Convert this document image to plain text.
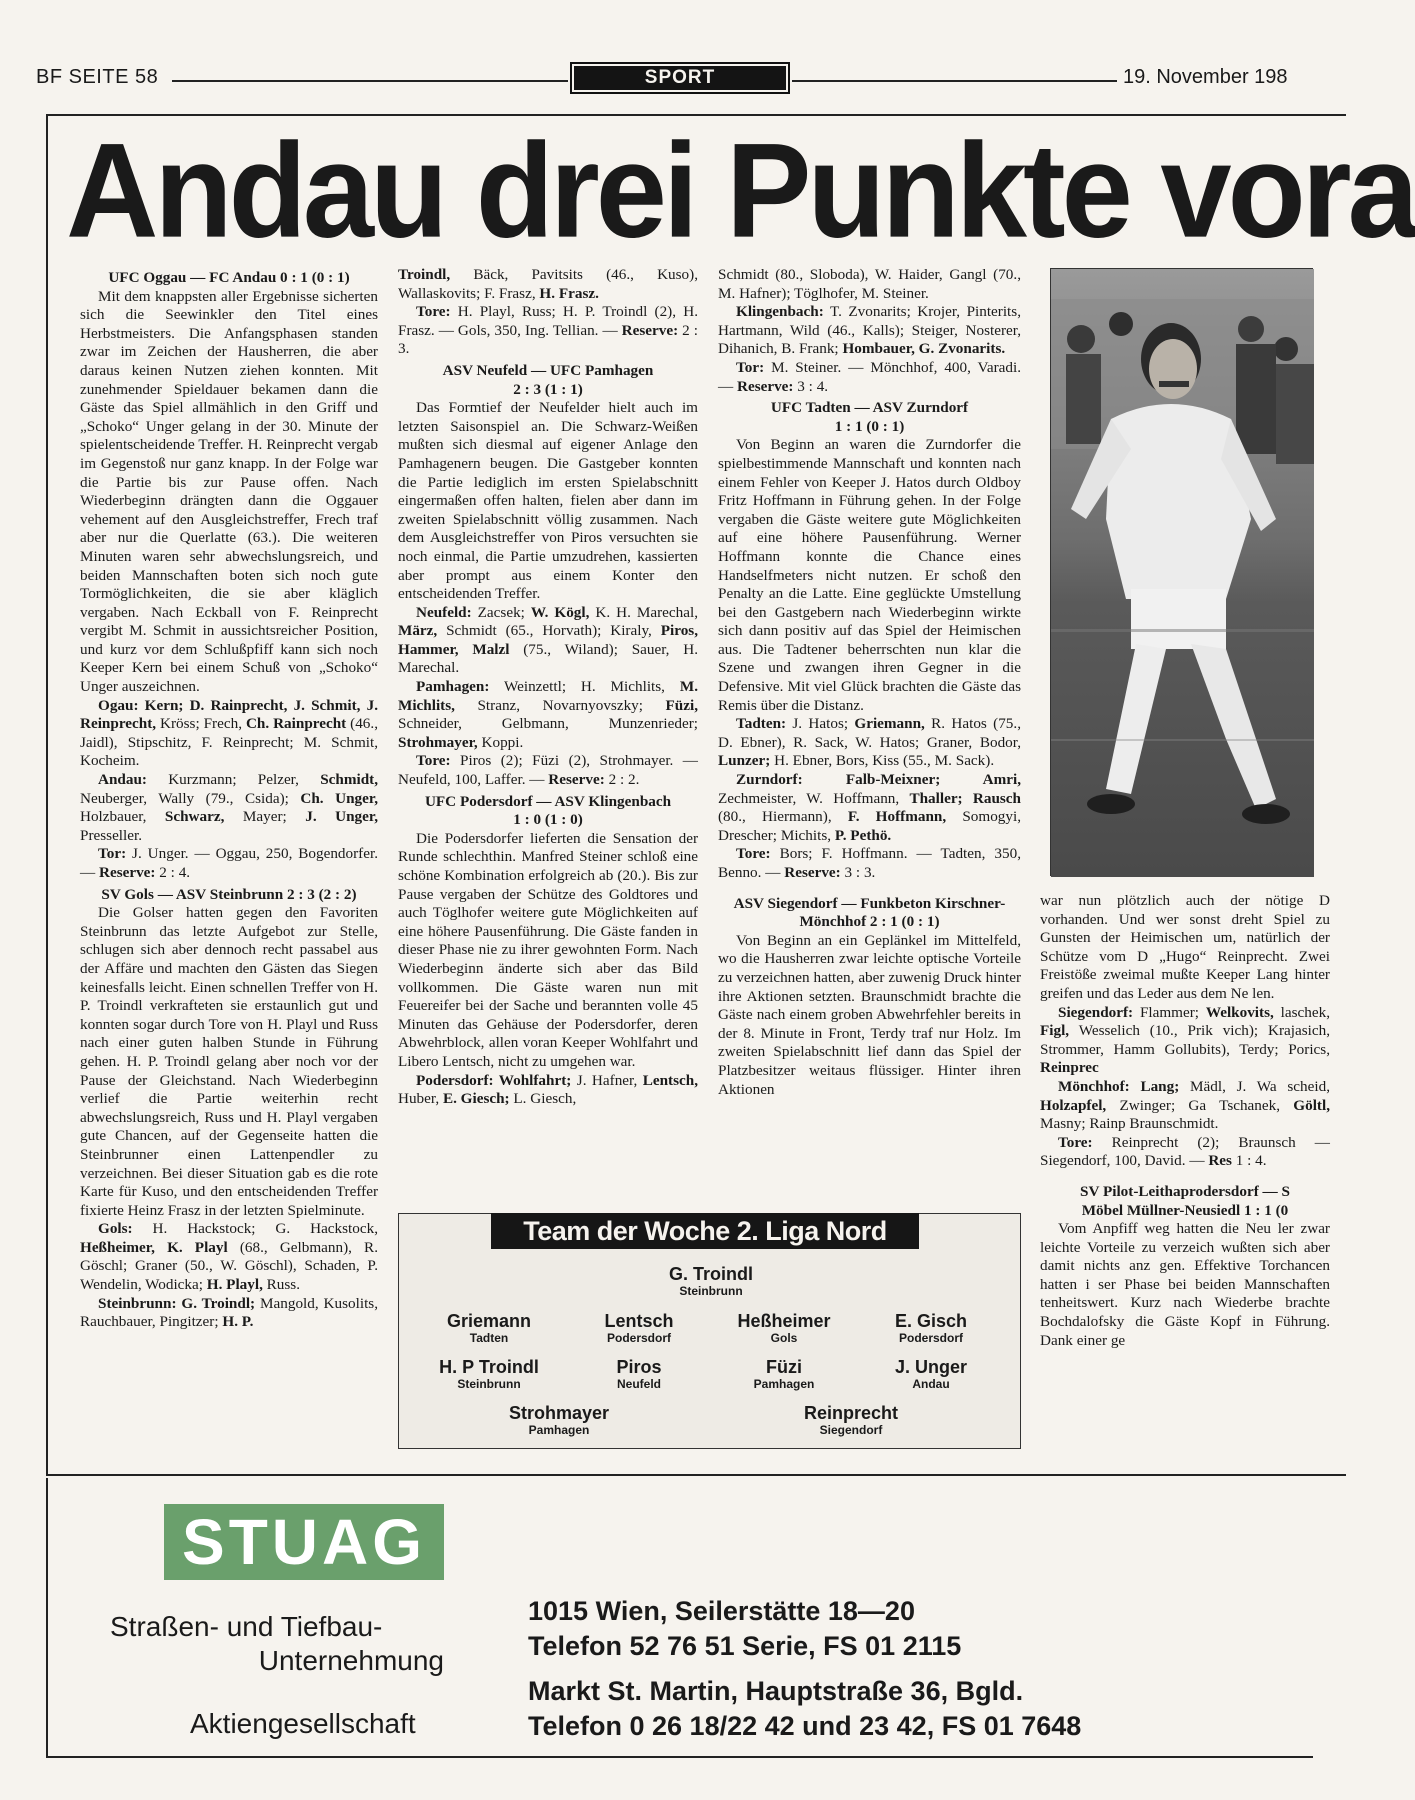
BF SEITE 58	SPORT	19. November 198
Andau drei Punkte vora

UFC Oggau — FC Andau 0 : 1 (0 : 1)

Mit dem knappsten aller Ergebnisse sicherten sich die Seewinkler den Titel eines Herbstmeisters. Die Anfangsphasen standen zwar im Zeichen der Hausherren, die aber daraus keinen Nutzen ziehen konnten. Mit zunehmender Spieldauer bekamen dann die Gäste das Spiel allmählich in den Griff und „Schoko“ Unger gelang in der 30. Minute der spielentscheidende Treffer. H. Reinprecht vergab im Gegenstoß nur ganz knapp. In der Folge war die Partie bis zur Pause offen. Nach Wiederbeginn drängten dann die Oggauer vehement auf den Ausgleichstreffer, Frech traf aber nur die Querlatte (63.). Die weiteren Minuten waren sehr abwechslungsreich, und beiden Mannschaften boten sich noch gute Tormöglichkeiten, die sie aber kläglich vergaben. Nach Eckball von F. Reinprecht vergibt M. Schmit in aussichtsreicher Position, und kurz vor dem Schlußpfiff kann sich noch Keeper Kern bei einem Schuß von „Schoko“ Unger auszeichnen.

Ogau: Kern; D. Rainprecht, J. Schmit, J. Reinprecht, Kröss; Frech, Ch. Rainprecht (46., Jaidl), Stipschitz, F. Reinprecht; M. Schmit, Kocheim.

Andau: Kurzmann; Pelzer, Schmidt, Neuberger, Wally (79., Csida); Ch. Unger, Holzbauer, Schwarz, Mayer; J. Unger, Presseller.

Tor: J. Unger. — Oggau, 250, Bogendorfer. — Reserve: 2 : 4.

SV Gols — ASV Steinbrunn 2 : 3 (2 : 2)

Die Golser hatten gegen den Favoriten Steinbrunn das letzte Aufgebot zur Stelle, schlugen sich aber dennoch recht passabel aus der Affäre und machten den Gästen das Siegen keinesfalls leicht. Einen schnellen Treffer von H. P. Troindl verkrafteten sie erstaunlich gut und konnten sogar durch Tore von H. Playl und Russ nach einer guten halben Stunde in Führung gehen. H. P. Troindl gelang aber noch vor der Pause der Gleichstand. Nach Wiederbeginn verlief die Partie weiterhin recht abwechslungsreich, Russ und H. Playl vergaben gute Chancen, auf der Gegenseite hatten die Steinbrunner einen Lattenpendler zu verzeichnen. Bei dieser Situation gab es die rote Karte für Kuso, und den entscheidenden Treffer fixierte Heinz Frasz in der letzten Spielminute.

Gols: H. Hackstock; G. Hackstock, Heßheimer, K. Playl (68., Gelbmann), R. Göschl; Graner (50., W. Göschl), Schaden, P. Wendelin, Wodicka; H. Playl, Russ.

Steinbrunn: G. Troindl; Mangold, Kusolits, Rauchbauer, Pingitzer; H. P.

Troindl, Bäck, Pavitsits (46., Kuso), Wallaskovits; F. Frasz, H. Frasz.

Tore: H. Playl, Russ; H. P. Troindl (2), H. Frasz. — Gols, 350, Ing. Tellian. — Reserve: 2 : 3.

ASV Neufeld — UFC Pamhagen
2 : 3 (1 : 1)

Das Formtief der Neufelder hielt auch im letzten Saisonspiel an. Die Schwarz-Weißen mußten sich diesmal auf eigener Anlage den Pamhagenern beugen. Die Gastgeber konnten die Partie lediglich im ersten Spielabschnitt eingermaßen offen halten, fielen aber dann im zweiten Spielabschnitt völlig zusammen. Nach dem Ausgleichstreffer von Piros versuchten sie noch einmal, die Partie umzudrehen, kassierten aber prompt aus einem Konter den entscheidenden Treffer.

Neufeld: Zacsek; W. Kögl, K. H. Marechal, März, Schmidt (65., Horvath); Kiraly, Piros, Hammer, Malzl (75., Wiland); Sauer, H. Marechal.

Pamhagen: Weinzettl; H. Michlits, M. Michlits, Stranz, Novarnyovszky; Füzi, Schneider, Gelbmann, Munzenrieder; Strohmayer, Koppi.

Tore: Piros (2); Füzi (2), Strohmayer. — Neufeld, 100, Laffer. — Reserve: 2 : 2.

UFC Podersdorf — ASV Klingenbach
1 : 0 (1 : 0)

Die Podersdorfer lieferten die Sensation der Runde schlechthin. Manfred Steiner schloß eine schöne Kombination erfolgreich ab (20.). Bis zur Pause vergaben der Schütze des Goldtores und auch Töglhofer weitere gute Möglichkeiten auf eine höhere Pausenführung. Die Gäste fanden in dieser Phase nie zu ihrer gewohnten Form. Nach Wiederbeginn änderte sich aber das Bild vollkommen. Die Gäste waren nun mit Feuereifer bei der Sache und berannten volle 45 Minuten das Gehäuse der Podersdorfer, deren Abwehrblock, allen voran Keeper Wohlfahrt und Libero Lentsch, nicht zu umgehen war.

Podersdorf: Wohlfahrt; J. Hafner, Lentsch, Huber, E. Giesch; L. Giesch,

Schmidt (80., Sloboda), W. Haider, Gangl (70., M. Hafner); Töglhofer, M. Steiner.

Klingenbach: T. Zvonarits; Krojer, Pinterits, Hartmann, Wild (46., Kalls); Steiger, Nosterer, Dihanich, B. Frank; Hombauer, G. Zvonarits.

Tor: M. Steiner. — Mönchhof, 400, Varadi. — Reserve: 3 : 4.

UFC Tadten — ASV Zurndorf
1 : 1 (0 : 1)

Von Beginn an waren die Zurndorfer die spielbestimmende Mannschaft und konnten nach einem Fehler von Keeper J. Hatos durch Oldboy Fritz Hoffmann in Führung gehen. In der Folge vergaben die Gäste weitere gute Möglichkeiten auf eine höhere Pausenführung. Werner Hoffmann konnte die Chance eines Handselfmeters nicht nutzen. Er schoß den Penalty an die Latte. Eine geglückte Umstellung bei den Gastgebern nach Wiederbeginn wirkte sich dann positiv auf das Spiel der Heimischen aus. Die Tadtener beherrschten nun klar die Szene und zwangen ihren Gegner in die Defensive. Mit viel Glück brachten die Gäste das Remis über die Distanz.

Tadten: J. Hatos; Griemann, R. Hatos (75., D. Ebner), R. Sack, W. Hatos; Graner, Bodor, Lunzer; H. Ebner, Bors, Kiss (55., M. Sack).

Zurndorf: Falb-Meixner; Amri, Zechmeister, W. Hoffmann, Thaller; Rausch (80., Hiermann), F. Hoffmann, Somogyi, Drescher; Michits, P. Pethö.

Tore: Bors; F. Hoffmann. — Tadten, 350, Benno. — Reserve: 3 : 3.

ASV Siegendorf — Funkbeton Kirschner-Mönchhof 2 : 1 (0 : 1)

Von Beginn an ein Geplänkel im Mittelfeld, wo die Hausherren zwar leichte optische Vorteile zu verzeichnen hatten, aber zuwenig Druck hinter ihre Aktionen setzten. Braunschmidt brachte die Gäste nach einem groben Abwehrfehler bereits in der 8. Minute in Front, Terdy traf nur Holz. Im zweiten Spielabschnitt lief dann das Spiel der Platzbesitzer weitaus flüssiger. Hinter ihren Aktionen

war nun plötzlich auch der nötige D vorhanden. Und wer sonst dreht Spiel zu Gunsten der Heimischen um, natürlich der Schütze vom D „Hugo“ Reinprecht. Zwei Freistöße zweimal mußte Keeper Lang hinter greifen und das Leder aus dem Ne len.

Siegendorf: Flammer; Welkovits, laschek, Figl, Wesselich (10., Prik vich); Krajasich, Strommer, Hamm Gollubits), Terdy; Porics, Reinprec

Mönchhof: Lang; Mädl, J. Wa scheid, Holzapfel, Zwinger; Ga Tschanek, Göltl, Masny; Rainp Braunschmidt.

Tore: Reinprecht (2); Braunsch — Siegendorf, 100, David. — Res 1 : 4.

SV Pilot-Leithaprodersdorf — S
Möbel Müllner-Neusiedl 1 : 1 (0

Vom Anpfiff weg hatten die Neu ler zwar leichte Vorteile zu verzeich wußten sich aber damit nichts anz gen. Effektive Torchancen hatten i ser Phase bei beiden Mannschaften tenheitswert. Kurz nach Wiederbe brachte Bochdalofsky die Gäste Kopf in Führung. Dank einer ge

Team der Woche 2. Liga Nord
G. Troindl
Steinbrunn
Griemann
Tadten
Lentsch
Podersdorf
Heßheimer
Gols
E. Gisch
Podersdorf
H. P Troindl
Steinbrunn
Piros
Neufeld
Füzi
Pamhagen
J. Unger
Andau
Strohmayer
Pamhagen
Reinprecht
Siegendorf
STUAG
Straßen- und Tiefbau-
Unternehmung
Aktiengesellschaft
1015 Wien, Seilerstätte 18—20
Telefon 52 76 51 Serie, FS 01 2115
Markt St. Martin, Hauptstraße 36, Bgld.
Telefon 0 26 18/22 42 und 23 42, FS 01 7648
